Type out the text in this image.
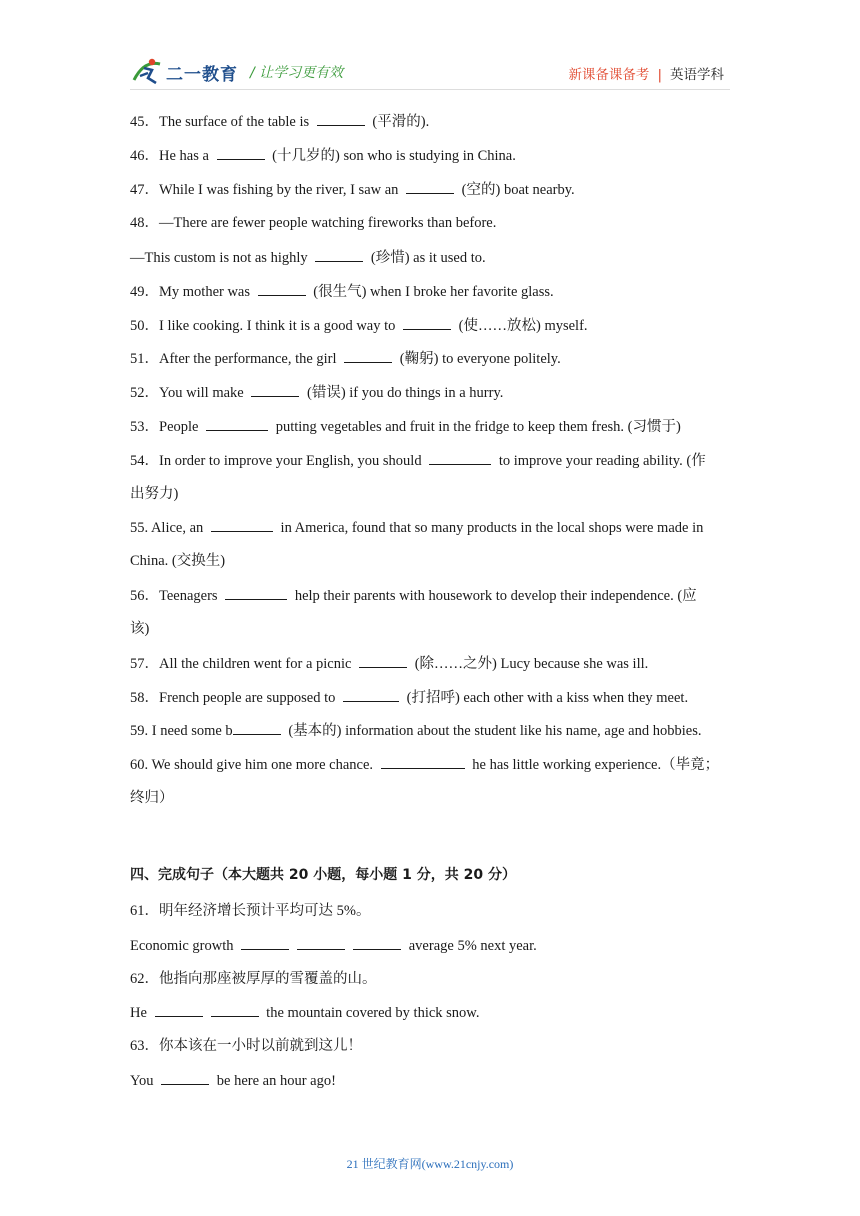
二一教育 / 让学习更有效	新课备课备考 | 英语学科
45．The surface of the table is	(平滑的).
46．He has a	(十几岁的) son who is studying in China.
47．While I was fishing by the river, I saw an	(空的) boat nearby.
48．—There are fewer people watching fireworks than before.
—This custom is not as highly	(珍惜) as it used to.
49．My mother was	(很生气) when I broke her favorite glass.
50．I like cooking. I think it is a good way to	(使……放松) myself.
51．After the performance, the girl	(鞠躬) to everyone politely.
52．You will make	(错误) if you do things in a hurry.
53．People	putting vegetables and fruit in the fridge to keep them fresh. (习惯于)
54．In order to improve your English, you should	to improve your reading ability. (作
出努力)
55. Alice, an	in America, found that so many products in the local shops were made in
China. (交换生)
56．Teenagers	help their parents with housework to develop their independence. (应
该)
57．All the children went for a picnic	(除……之外) Lucy because she was ill.
58．French people are supposed to	(打招呼) each other with a kiss when they meet.
59. I need some b	(基本的) information about the student like his name, age and hobbies.
60. We should give him one more chance.	he has little working experience.（毕竟；
终归）
四、完成句子（本大题共 20 小题，每小题 1 分，共 20 分）
61．明年经济增长预计平均可达 5%。
Economic growth	average 5% next year.
62．他指向那座被厚厚的雪覆盖的山。
He	the mountain covered by thick snow.
63．你本该在一小时以前就到这儿！
You	be here an hour ago!
21 世纪教育网(www.21cnjy.com)
